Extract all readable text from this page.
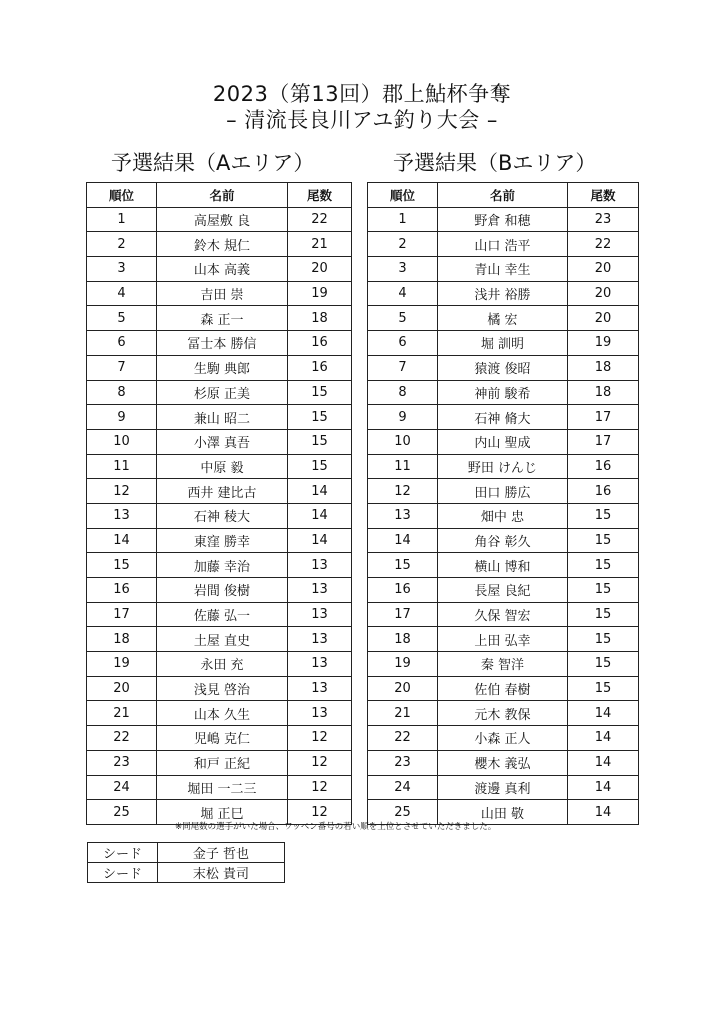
2023（第13回）郡上鮎杯争奪
– 清流長良川アユ釣り大会 –
予選結果（Aエリア）	予選結果（Bエリア）
順位	名前	尾数
1	高屋敷 良	22
2	鈴木 規仁	21
3	山本 高義	20
4	吉田 崇	19
5	森 正一	18
6	冨士本 勝信	16
7	生駒 典郎	16
8	杉原 正美	15
9	兼山 昭二	15
10	小澤 真吾	15
11	中原 毅	15
12	西井 建比古	14
13	石神 稜大	14
14	東窪 勝幸	14
15	加藤 幸治	13
16	岩間 俊樹	13
17	佐藤 弘一	13
18	土屋 直史	13
19	永田 充	13
20	浅見 啓治	13
21	山本 久生	13
22	児嶋 克仁	12
23	和戸 正紀	12
24	堀田 一二三	12
25	堀 正巳	12
順位	名前	尾数
1	野倉 和穂	23
2	山口 浩平	22
3	青山 幸生	20
4	浅井 裕勝	20
5	橘 宏	20
6	堀 訓明	19
7	猿渡 俊昭	18
8	神前 駿希	18
9	石神 脩大	17
10	内山 聖成	17
11	野田 けんじ	16
12	田口 勝広	16
13	畑中 忠	15
14	角谷 彰久	15
15	横山 博和	15
16	長屋 良紀	15
17	久保 智宏	15
18	上田 弘幸	15
19	秦 智洋	15
20	佐伯 春樹	15
21	元木 教保	14
22	小森 正人	14
23	櫻木 義弘	14
24	渡邊 真利	14
25	山田 敬	14
※同尾数の選手がいた場合、ワッペン番号の若い順を上位とさせていただきました。
シード	金子 哲也
シード	末松 貴司
